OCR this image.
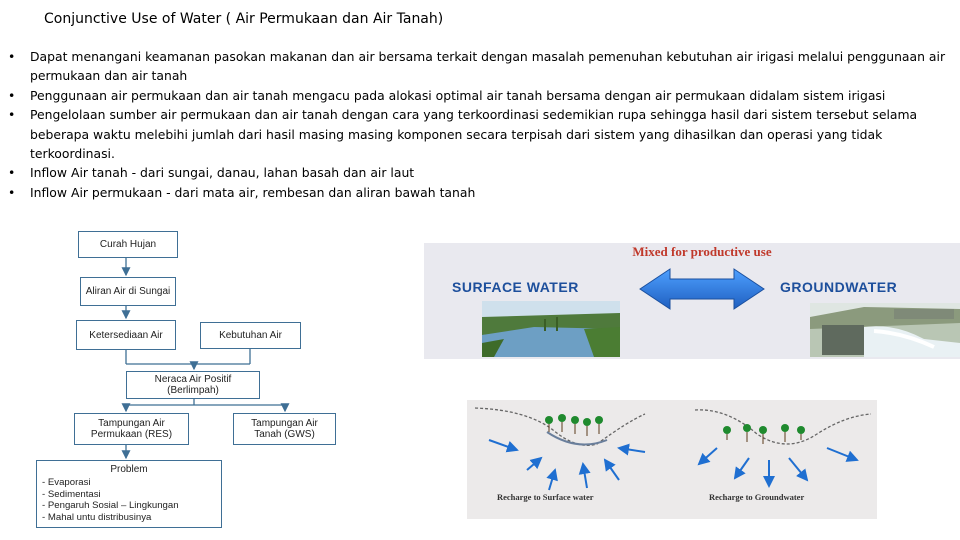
Conjunctive Use of Water ( Air Permukaan dan Air Tanah)
• Dapat menangani keamanan pasokan makanan dan air bersama terkait dengan masalah pemenuhan kebutuhan air irigasi melalui penggunaan air permukaan dan air tanah
• Penggunaan air permukaan dan air tanah mengacu pada alokasi optimal air tanah bersama dengan air permukaan didalam sistem irigasi
• Pengelolaan sumber air permukaan dan air tanah dengan cara yang terkoordinasi sedemikian rupa sehingga hasil dari sistem tersebut selama beberapa waktu melebihi jumlah dari hasil masing masing komponen secara terpisah dari sistem yang dihasilkan dan operasi yang tidak terkoordinasi.
• Inflow Air tanah - dari sungai, danau, lahan basah dan air laut
• Inflow Air permukaan - dari mata air, rembesan dan aliran bawah tanah
Curah Hujan
Aliran Air di Sungai
Ketersediaan Air	Kebutuhan Air
Neraca Air Positif (Berlimpah)
Tampungan Air Permukaan (RES)
Tampungan Air Tanah (GWS)
Problem
- Evaporasi
- Sedimentasi
- Pengaruh Sosial – Lingkungan
- Mahal untu distribusinya
Mixed for productive use
SURFACE WATER	GROUNDWATER
Recharge to Surface water	Recharge to Groundwater
